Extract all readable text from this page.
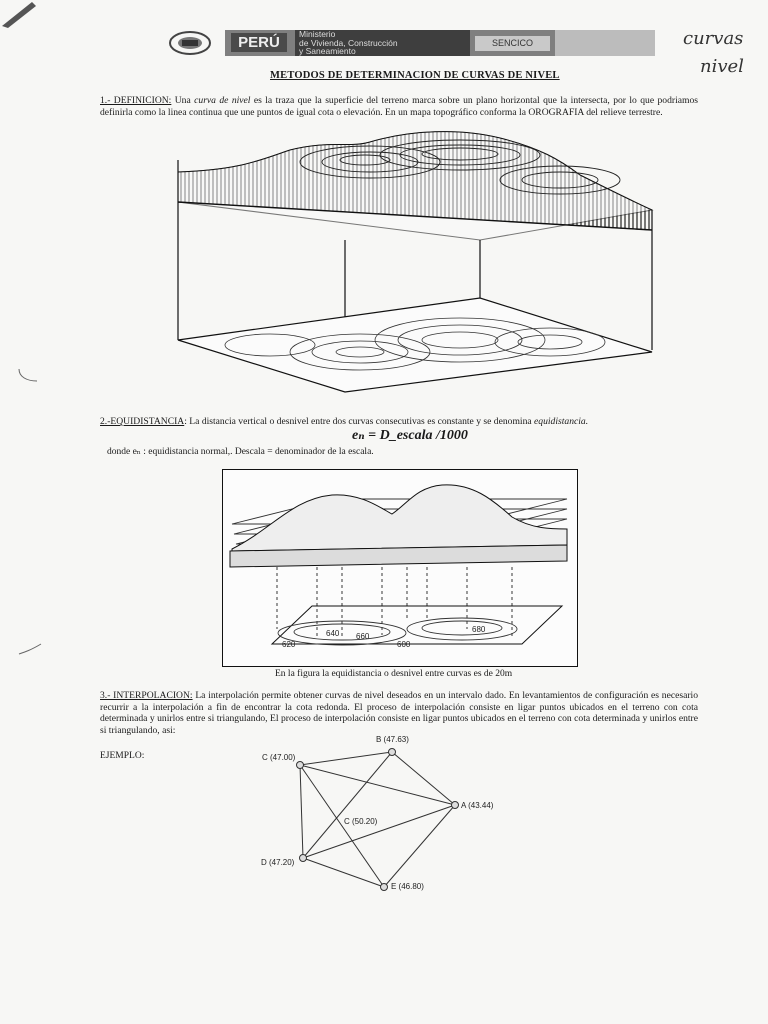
PERÚ	Ministerio
de Vivienda, Construcción
y Saneamiento
SENCICO	curvas
nivel
METODOS DE DETERMINACION DE CURVAS DE NIVEL
1.- DEFINICION: Una curva de nivel es la traza que la superficie del terreno marca sobre un plano horizontal que la intersecta, por lo que podriamos definirla como la linea continua que une puntos de igual cota o elevación. En un mapa topográfico conforma la OROGRAFIA del relieve terrestre.
2.-EQUIDISTANCIA: La distancia vertical o desnivel entre dos curvas consecutivas es constante y se denomina equidistancia.
eₙ = D_escala /1000
donde eₙ : equidistancia normal,. Descala = denominador de la escala.
640 660
620	600
680
En la figura la equidistancia o desnivel entre curvas es de 20m
3.- INTERPOLACION: La interpolación permite obtener curvas de nivel deseados en un intervalo dado. En levantamientos de configuración es necesario recurrir a la interpolación a fin de encontrar la cota redonda. El proceso de interpolación consiste en ligar puntos ubicados en el terreno con cota determinada y unirlos entre si triangulando, El proceso de interpolación consiste en ligar puntos ubicados en el terreno con cota determinada y unirlos entre si triangulando, asi:
EJEMPLO:
B (47.63)
C (47.00)
A (43.44)
C (50.20)
D (47.20)
E (46.80)
